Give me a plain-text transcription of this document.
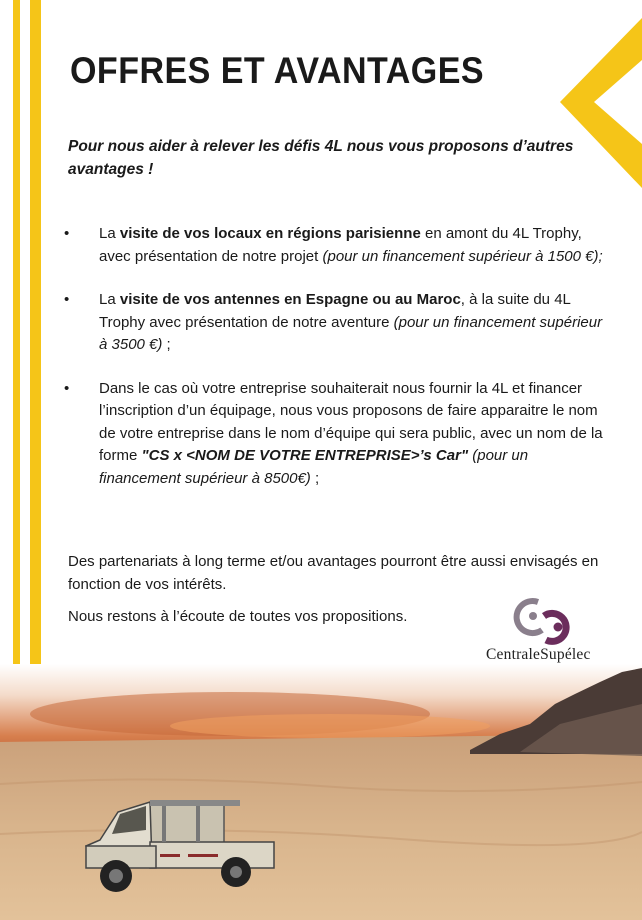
OFFRES ET AVANTAGES
Pour nous aider à relever les défis 4L nous vous proposons d’autres avantages !
• La visite de vos locaux en régions parisienne en amont du 4L Trophy, avec présentation de notre projet (pour un financement supérieur à 1500 €);
• La visite de vos antennes en Espagne ou au Maroc, à la suite du 4L Trophy avec présentation de notre aventure (pour un financement supérieur à 3500 €) ;
• Dans le cas où votre entreprise souhaiterait nous fournir la 4L et financer l’inscription d’un équipage, nous vous proposons de faire apparaitre le nom de votre entreprise dans le nom d’équipe qui sera public, avec un nom de la forme "CS x <NOM DE VOTRE ENTREPRISE>’s Car" (pour un financement supérieur à 8500€) ;
Des partenariats à long terme et/ou avantages pourront être aussi envisagés en fonction de vos intérêts.
Nous restons à l’écoute de toutes vos propositions.
CentraleSupélec
